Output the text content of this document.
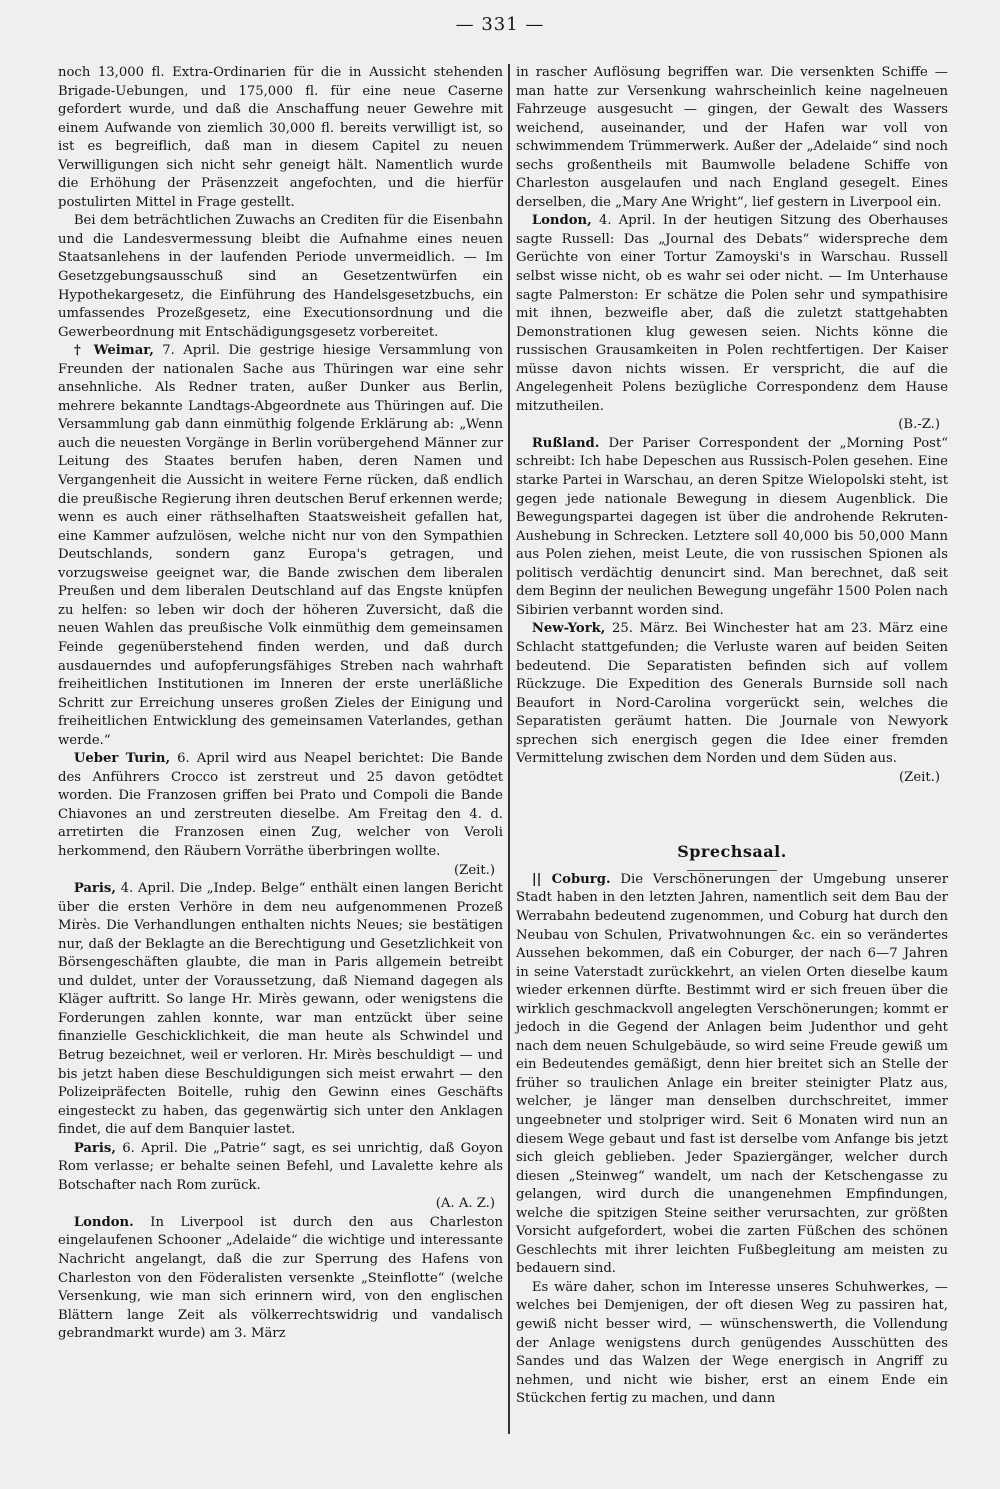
— 331 —

noch 13,000 fl. Extra-Ordinarien für die in Aussicht stehenden Brigade-Uebungen, und 175,000 fl. für eine neue Caserne gefordert wurde, und daß die Anschaffung neuer Gewehre mit einem Aufwande von ziemlich 30,000 fl. bereits verwilligt ist, so ist es begreiflich, daß man in diesem Capitel zu neuen Verwilligungen sich nicht sehr geneigt hält. Namentlich wurde die Erhöhung der Präsenzzeit angefochten, und die hierfür postulirten Mittel in Frage gestellt.

Bei dem beträchtlichen Zuwachs an Crediten für die Eisenbahn und die Landesvermessung bleibt die Aufnahme eines neuen Staatsanlehens in der laufenden Periode unvermeidlich. — Im Gesetzgebungsausschuß sind an Gesetzentwürfen ein Hypothekargesetz, die Einführung des Handelsgesetzbuchs, ein umfassendes Prozeßgesetz, eine Executionsordnung und die Gewerbeordnung mit Entschädigungsgesetz vorbereitet.

† Weimar, 7. April. Die gestrige hiesige Versammlung von Freunden der nationalen Sache aus Thüringen war eine sehr ansehnliche. Als Redner traten, außer Dunker aus Berlin, mehrere bekannte Landtags-Abgeordnete aus Thüringen auf. Die Versammlung gab dann einmüthig folgende Erklärung ab: „Wenn auch die neuesten Vorgänge in Berlin vorübergehend Männer zur Leitung des Staates berufen haben, deren Namen und Vergangenheit die Aussicht in weitere Ferne rücken, daß endlich die preußische Regierung ihren deutschen Beruf erkennen werde; wenn es auch einer räthselhaften Staatsweisheit gefallen hat, eine Kammer aufzulösen, welche nicht nur von den Sympathien Deutschlands, sondern ganz Europa's getragen, und vorzugsweise geeignet war, die Bande zwischen dem liberalen Preußen und dem liberalen Deutschland auf das Engste knüpfen zu helfen: so leben wir doch der höheren Zuversicht, daß die neuen Wahlen das preußische Volk einmüthig dem gemeinsamen Feinde gegenüberstehend finden werden, und daß durch ausdauerndes und aufopferungsfähiges Streben nach wahrhaft freiheitlichen Institutionen im Inneren der erste unerläßliche Schritt zur Erreichung unseres großen Zieles der Einigung und freiheitlichen Entwicklung des gemeinsamen Vaterlandes, gethan werde.“

Ueber Turin, 6. April wird aus Neapel berichtet: Die Bande des Anführers Crocco ist zerstreut und 25 davon getödtet worden. Die Franzosen griffen bei Prato und Compoli die Bande Chiavones an und zerstreuten dieselbe. Am Freitag den 4. d. arretirten die Franzosen einen Zug, welcher von Veroli herkommend, den Räubern Vorräthe überbringen wollte.
(Zeit.)

Paris, 4. April. Die „Indep. Belge“ enthält einen langen Bericht über die ersten Verhöre in dem neu aufgenommenen Prozeß Mirès. Die Verhandlungen enthalten nichts Neues; sie bestätigen nur, daß der Beklagte an die Berechtigung und Gesetzlichkeit von Börsengeschäften glaubte, die man in Paris allgemein betreibt und duldet, unter der Voraussetzung, daß Niemand dagegen als Kläger auftritt. So lange Hr. Mirès gewann, oder wenigstens die Forderungen zahlen konnte, war man entzückt über seine finanzielle Geschicklichkeit, die man heute als Schwindel und Betrug bezeichnet, weil er verloren. Hr. Mirès beschuldigt — und bis jetzt haben diese Beschuldigungen sich meist erwahrt — den Polizeipräfecten Boitelle, ruhig den Gewinn eines Geschäfts eingesteckt zu haben, das gegenwärtig sich unter den Anklagen findet, die auf dem Banquier lastet.

Paris, 6. April. Die „Patrie“ sagt, es sei unrichtig, daß Goyon Rom verlasse; er behalte seinen Befehl, und Lavalette kehre als Botschafter nach Rom zurück.
(A. A. Z.)

London. In Liverpool ist durch den aus Charleston eingelaufenen Schooner „Adelaide“ die wichtige und interessante Nachricht angelangt, daß die zur Sperrung des Hafens von Charleston von den Föderalisten versenkte „Steinflotte“ (welche Versenkung, wie man sich erinnern wird, von den englischen Blättern lange Zeit als völkerrechtswidrig und vandalisch gebrandmarkt wurde) am 3. März

in rascher Auflösung begriffen war. Die versenkten Schiffe — man hatte zur Versenkung wahrscheinlich keine nagelneuen Fahrzeuge ausgesucht — gingen, der Gewalt des Wassers weichend, auseinander, und der Hafen war voll von schwimmendem Trümmerwerk. Außer der „Adelaide“ sind noch sechs großentheils mit Baumwolle beladene Schiffe von Charleston ausgelaufen und nach England gesegelt. Eines derselben, die „Mary Ane Wright“, lief gestern in Liverpool ein.

London, 4. April. In der heutigen Sitzung des Oberhauses sagte Russell: Das „Journal des Debats“ widerspreche dem Gerüchte von einer Tortur Zamoyski's in Warschau. Russell selbst wisse nicht, ob es wahr sei oder nicht. — Im Unterhause sagte Palmerston: Er schätze die Polen sehr und sympathisire mit ihnen, bezweifle aber, daß die zuletzt stattgehabten Demonstrationen klug gewesen seien. Nichts könne die russischen Grausamkeiten in Polen rechtfertigen. Der Kaiser müsse davon nichts wissen. Er verspricht, die auf die Angelegenheit Polens bezügliche Correspondenz dem Hause mitzutheilen.
(B.-Z.)

Rußland. Der Pariser Correspondent der „Morning Post“ schreibt: Ich habe Depeschen aus Russisch-Polen gesehen. Eine starke Partei in Warschau, an deren Spitze Wielopolski steht, ist gegen jede nationale Bewegung in diesem Augenblick. Die Bewegungspartei dagegen ist über die androhende Rekruten-Aushebung in Schrecken. Letztere soll 40,000 bis 50,000 Mann aus Polen ziehen, meist Leute, die von russischen Spionen als politisch verdächtig denuncirt sind. Man berechnet, daß seit dem Beginn der neulichen Bewegung ungefähr 1500 Polen nach Sibirien verbannt worden sind.

New-York, 25. März. Bei Winchester hat am 23. März eine Schlacht stattgefunden; die Verluste waren auf beiden Seiten bedeutend. Die Separatisten befinden sich auf vollem Rückzuge. Die Expedition des Generals Burnside soll nach Beaufort in Nord-Carolina vorgerückt sein, welches die Separatisten geräumt hatten. Die Journale von Newyork sprechen sich energisch gegen die Idee einer fremden Vermittelung zwischen dem Norden und dem Süden aus.
(Zeit.)

Sprechsaal.

|| Coburg. Die Verschönerungen der Umgebung unserer Stadt haben in den letzten Jahren, namentlich seit dem Bau der Werrabahn bedeutend zugenommen, und Coburg hat durch den Neubau von Schulen, Privatwohnungen &c. ein so verändertes Aussehen bekommen, daß ein Coburger, der nach 6—7 Jahren in seine Vaterstadt zurückkehrt, an vielen Orten dieselbe kaum wieder erkennen dürfte. Bestimmt wird er sich freuen über die wirklich geschmackvoll angelegten Verschönerungen; kommt er jedoch in die Gegend der Anlagen beim Judenthor und geht nach dem neuen Schulgebäude, so wird seine Freude gewiß um ein Bedeutendes gemäßigt, denn hier breitet sich an Stelle der früher so traulichen Anlage ein breiter steinigter Platz aus, welcher, je länger man denselben durchschreitet, immer ungeebneter und stolpriger wird. Seit 6 Monaten wird nun an diesem Wege gebaut und fast ist derselbe vom Anfange bis jetzt sich gleich geblieben. Jeder Spaziergänger, welcher durch diesen „Steinweg“ wandelt, um nach der Ketschengasse zu gelangen, wird durch die unangenehmen Empfindungen, welche die spitzigen Steine seither verursachten, zur größten Vorsicht aufgefordert, wobei die zarten Füßchen des schönen Geschlechts mit ihrer leichten Fußbegleitung am meisten zu bedauern sind.

Es wäre daher, schon im Interesse unseres Schuhwerkes, — welches bei Demjenigen, der oft diesen Weg zu passiren hat, gewiß nicht besser wird, — wünschenswerth, die Vollendung der Anlage wenigstens durch genügendes Ausschütten des Sandes und das Walzen der Wege energisch in Angriff zu nehmen, und nicht wie bisher, erst an einem Ende ein Stückchen fertig zu machen, und dann
